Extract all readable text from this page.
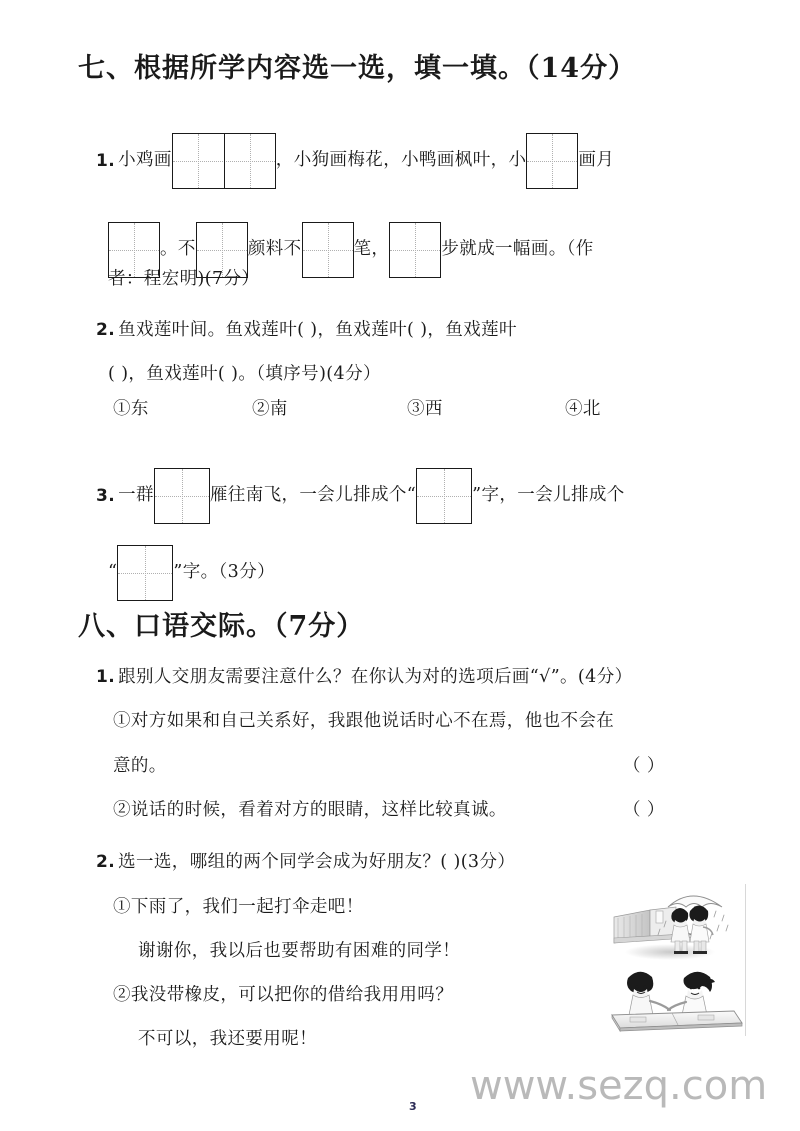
七、根据所学内容选一选，填一填。（14分）
1. 小鸡画	，小狗画梅花，小鸭画枫叶，小	画月
。不	颜料不	笔，	步就成一幅画。（作
者：程宏明)(7分）
2. 鱼戏莲叶间。鱼戏莲叶( )，鱼戏莲叶( )，鱼戏莲叶
( )，鱼戏莲叶( )。（填序号)(4分）
①东	②南	③西	④北
3. 一群	雁往南飞，一会儿排成个“	”字，一会儿排成个
“	”字。（3分）
八、口语交际。（7分）
1. 跟别人交朋友需要注意什么？在你认为对的选项后画“√”。(4分）
①对方如果和自己关系好，我跟他说话时心不在焉，他也不会在
意的。	（ ）
②说话的时候，看着对方的眼睛，这样比较真诚。	（ ）
2. 选一选，哪组的两个同学会成为好朋友？( )(3分）
①下雨了，我们一起打伞走吧！
谢谢你，我以后也要帮助有困难的同学！
②我没带橡皮，可以把你的借给我用用吗？
不可以，我还要用呢！
www.sezq.com
3
